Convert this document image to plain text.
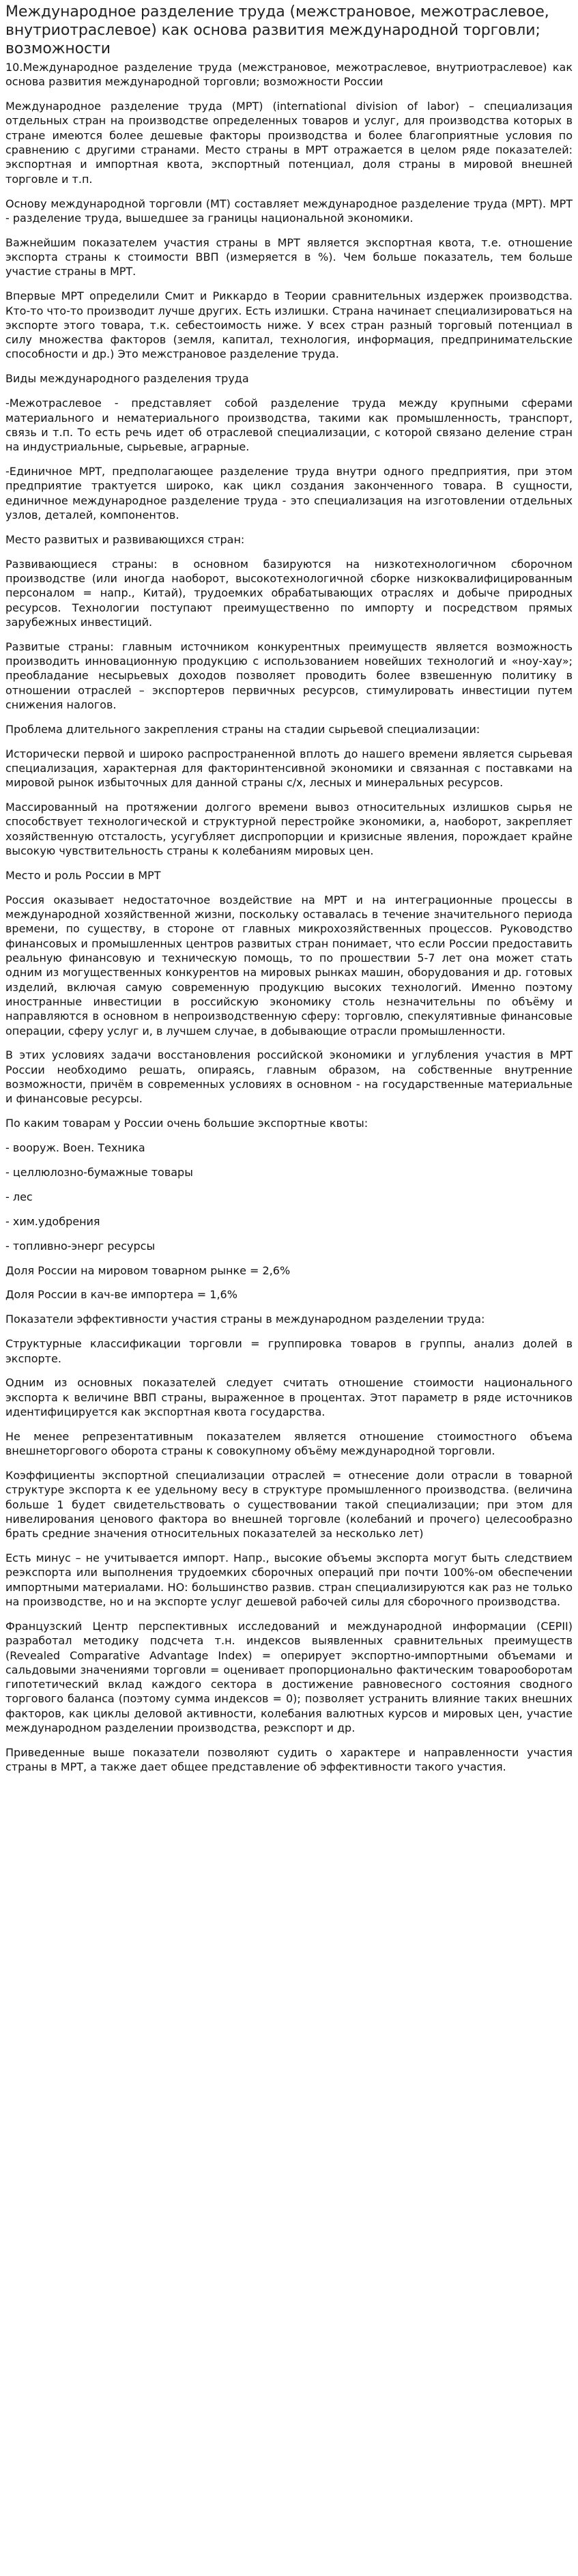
Международное разделение труда (межстрановое, межотраслевое, внутриотраслевое) как основа развития международной торговли; возможности

10.Международное разделение труда (межстрановое, межотраслевое, внутриотраслевое) как основа развития международной торговли; возможности России

Международное разделение труда (МРТ) (international division of labor) – специализация отдельных стран на производстве определенных товаров и услуг, для производства которых в стране имеются более дешевые факторы производства и более благоприятные условия по сравнению с другими странами. Место страны в МРТ отражается в целом ряде показателей: экспортная и импортная квота, экспортный потенциал, доля страны в мировой внешней торговле и т.п.

Основу международной торговли (МТ) составляет международное разделение труда (МРТ). МРТ - разделение труда, вышедшее за границы национальной экономики.

Важнейшим показателем участия страны в МРТ является экспортная квота, т.е. отношение экспорта страны к стоимости ВВП (измеряется в %). Чем больше показатель, тем больше участие страны в МРТ.

Впервые МРТ определили Смит и Риккардо в Теории сравнительных издержек производства. Кто-то что-то производит лучше других. Есть излишки. Страна начинает специализироваться на экспорте этого товара, т.к. себестоимость ниже. У всех стран разный торговый потенциал в силу множества факторов (земля, капитал, технология, информация, предпринимательские способности и др.) Это межстрановое разделение труда.

Виды международного разделения труда

-Межотраслевое - представляет собой разделение труда между крупными сферами материального и нематериального производства, такими как промышленность, транспорт, связь и т.п. То есть речь идет об отраслевой специализации, с которой связано деление стран на индустриальные, сырьевые, аграрные.

-Единичное МРТ, предполагающее разделение труда внутри одного предприятия, при этом предприятие трактуется широко, как цикл создания законченного товара. В сущности, единичное международное разделение труда - это специализация на изготовлении отдельных узлов, деталей, компонентов.

Место развитых и развивающихся стран:

Развивающиеся страны: в основном базируются на низкотехнологичном сборочном производстве (или иногда наоборот, высокотехнологичной сборке низкоквалифицированным персоналом = напр., Китай), трудоемких обрабатывающих отраслях и добыче природных ресурсов. Технологии поступают преимущественно по импорту и посредством прямых зарубежных инвестиций.

Развитые страны: главным источником конкурентных преимуществ является возможность производить инновационную продукцию с использованием новейших технологий и «ноу-хау»; преобладание несырьевых доходов позволяет проводить более взвешенную политику в отношении отраслей – экспортеров первичных ресурсов, стимулировать инвестиции путем снижения налогов.

Проблема длительного закрепления страны на стадии сырьевой специализации:

Исторически первой и широко распространенной вплоть до нашего времени является сырьевая специализация, характерная для факторинтенсивной экономики и связанная с поставками на мировой рынок избыточных для данной страны с/х, лесных и минеральных ресурсов.

Массированный на протяжении долгого времени вывоз относительных излишков сырья не способствует технологической и структурной перестройке экономики, а, наоборот, закрепляет хозяйственную отсталость, усугубляет диспропорции и кризисные явления, порождает крайне высокую чувствительность страны к колебаниям мировых цен.

Место и роль России в МРТ

Россия оказывает недостаточное воздействие на МРТ и на интеграционные процессы в международной хозяйственной жизни, поскольку оставалась в течение значительного периода времени, по существу, в стороне от главных микрохозяйственных процессов. Руководство финансовых и промышленных центров развитых стран понимает, что если России предоставить реальную финансовую и техническую помощь, то по прошествии 5-7 лет она может стать одним из могущественных конкурентов на мировых рынках машин, оборудования и др. готовых изделий, включая самую современную продукцию высоких технологий. Именно поэтому иностранные инвестиции в российскую экономику столь незначительны по объёму и направляются в основном в непроизводственную сферу: торговлю, спекулятивные финансовые операции, сферу услуг и, в лучшем случае, в добывающие отрасли промышленности.

В этих условиях задачи восстановления российской экономики и углубления участия в МРТ России необходимо решать, опираясь, главным образом, на собственные внутренние возможности, причём в современных условиях в основном - на государственные материальные и финансовые ресурсы.

По каким товарам у России очень большие экспортные квоты:

- вооруж. Воен. Техника

- целлюлозно-бумажные товары

- лес

- хим.удобрения

- топливно-энерг ресурсы

Доля России на мировом товарном рынке = 2,6%

Доля России в кач-ве импортера = 1,6%

Показатели эффективности участия страны в международном разделении труда:

Структурные классификации торговли = группировка товаров в группы, анализ долей в экспорте.

Одним из основных показателей следует считать отношение стоимости национального экспорта к величине ВВП страны, выраженное в процентах. Этот параметр в ряде источников идентифицируется как экспортная квота государства.

Не менее репрезентативным показателем является отношение стоимостного объема внешнеторгового оборота страны к совокупному объёму международной торговли.

Коэффициенты экспортной специализации отраслей = отнесение доли отрасли в товарной структуре экспорта к ее удельному весу в структуре промышленного производства. (величина больше 1 будет свидетельствовать о существовании такой специализации; при этом для нивелирования ценового фактора во внешней торговле (колебаний и прочего) целесообразно брать средние значения относительных показателей за несколько лет)

Есть минус – не учитывается импорт. Напр., высокие объемы экспорта могут быть следствием реэкспорта или выполнения трудоемких сборочных операций при почти 100%-ом обеспечении импортными материалами. НО: большинство развив. стран специализируются как раз не только на производстве, но и на экспорте услуг дешевой рабочей силы для сборочного производства.

Французский Центр перспективных исследований и международной информации (CEPII) разработал методику подсчета т.н. индексов выявленных сравнительных преимуществ (Revealed Comparative Advantage Index) = оперирует экспортно-импортными объемами и сальдовыми значениями торговли = оценивает пропорционально фактическим товарооборотам гипотетический вклад каждого сектора в достижение равновесного состояния сводного торгового баланса (поэтому сумма индексов = 0); позволяет устранить влияние таких внешних факторов, как циклы деловой активности, колебания валютных курсов и мировых цен, участие международном разделении производства, реэкспорт и др.

Приведенные выше показатели позволяют судить о характере и направленности участия страны в МРТ, а также дает общее представление об эффективности такого участия.
